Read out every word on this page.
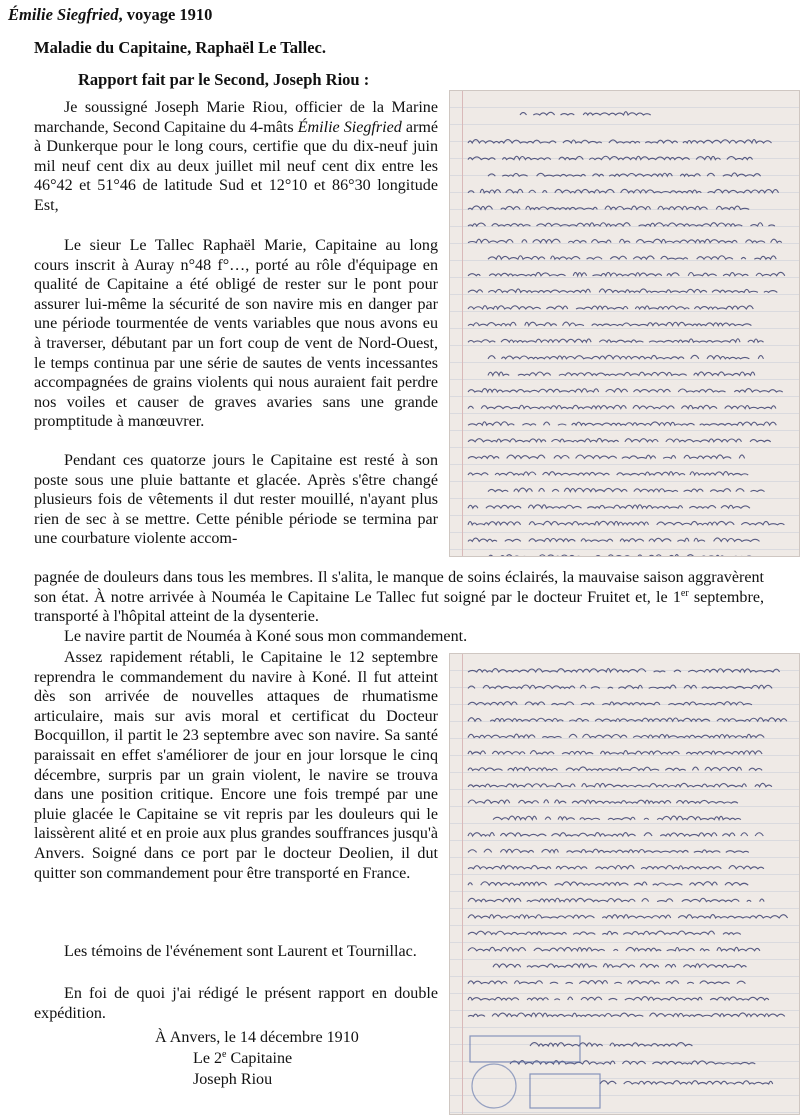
Émilie Siegfried, voyage 1910
Maladie du Capitaine, Raphaël Le Tallec.
Rapport fait par le Second, Joseph Riou :

Je soussigné Joseph Marie Riou, officier de la Marine marchande, Second Capitaine du 4-mâts Émilie Siegfried armé à Dunkerque pour le long cours, certifie que du dix-neuf juin mil neuf cent dix au deux juillet mil neuf cent dix entre les 46°42 et 51°46 de latitude Sud et 12°10 et 86°30 longitude Est,

Le sieur Le Tallec Raphaël Marie, Capitaine au long cours inscrit à Auray n°48 f°…, porté au rôle d'équipage en qualité de Capitaine a été obligé de rester sur le pont pour assurer lui-même la sécurité de son navire mis en danger par une période tourmentée de vents variables que nous avons eu à traverser, débutant par un fort coup de vent de Nord-Ouest, le temps continua par une série de sautes de vents incessantes accompagnées de grains violents qui nous auraient fait perdre nos voiles et causer de graves avaries sans une grande promptitude à manœuvrer.

Pendant ces quatorze jours le Capitaine est resté à son poste sous une pluie battante et glacée. Après s'être changé plusieurs fois de vêtements il dut rester mouillé, n'ayant plus rien de sec à se mettre. Cette pénible période se termina par une courbature violente accom-

pagnée de douleurs dans tous les membres. Il s'alita, le manque de soins éclairés, la mauvaise saison aggravèrent son état. À notre arrivée à Nouméa le Capitaine Le Tallec fut soigné par le docteur Fruitet et, le 1er septembre, transporté à l'hôpital atteint de la dysenterie.

Le navire partit de Nouméa à Koné sous mon commandement.

Assez rapidement rétabli, le Capitaine le 12 septembre reprendra le commandement du navire à Koné. Il fut atteint dès son arrivée de nouvelles attaques de rhumatisme articulaire, mais sur avis moral et certificat du Docteur Bocquillon, il partit le 23 septembre avec son navire. Sa santé paraissait en effet s'améliorer de jour en jour lorsque le cinq décembre, surpris par un grain violent, le navire se trouva dans une position critique. Encore une fois trempé par une pluie glacée le Capitaine se vit repris par les douleurs qui le laissèrent alité et en proie aux plus grandes souffrances jusqu'à Anvers. Soigné dans ce port par le docteur Deolien, il dut quitter son commandement pour être transporté en France.

Les témoins de l'événement sont Laurent et Tournillac.

En foi de quoi j'ai rédigé le présent rapport en double expédition.

À Anvers, le 14 décembre 1910
Le 2e Capitaine
Joseph Riou
